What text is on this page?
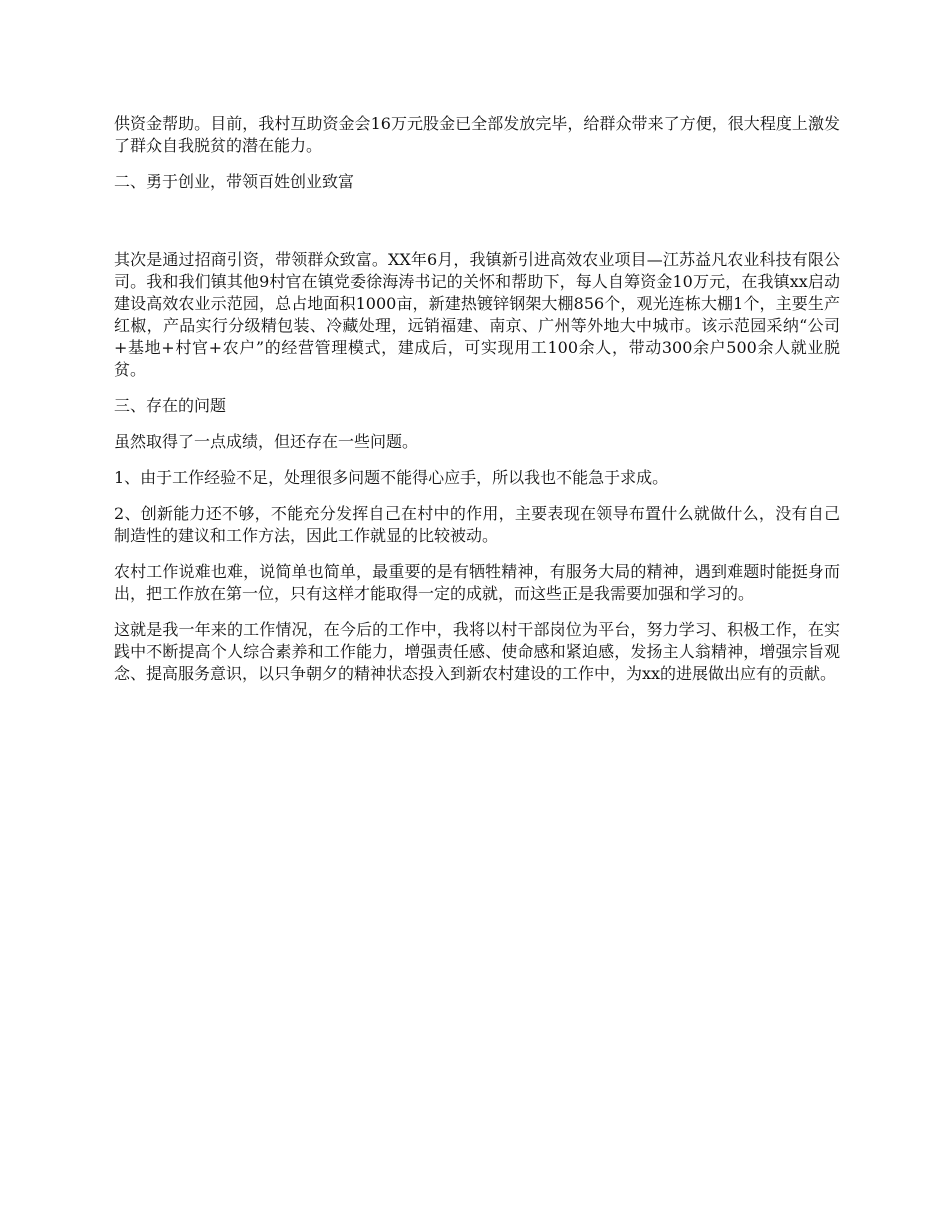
供资金帮助。目前，我村互助资金会16万元股金已全部发放完毕，给群众带来了方便，很大程度上激发了群众自我脱贫的潜在能力。

二、勇于创业，带领百姓创业致富

其次是通过招商引资，带领群众致富。XX年6月，我镇新引进高效农业项目—江苏益凡农业科技有限公司。我和我们镇其他9村官在镇党委徐海涛书记的关怀和帮助下，每人自筹资金10万元，在我镇xx启动建设高效农业示范园，总占地面积1000亩，新建热镀锌钢架大棚856个，观光连栋大棚1个，主要生产红椒，产品实行分级精包装、冷藏处理，远销福建、南京、广州等外地大中城市。该示范园采纳“公司+基地+村官+农户”的经营管理模式，建成后，可实现用工100余人，带动300余户500余人就业脱贫。

三、存在的问题

虽然取得了一点成绩，但还存在一些问题。

1、由于工作经验不足，处理很多问题不能得心应手，所以我也不能急于求成。

2、创新能力还不够，不能充分发挥自己在村中的作用，主要表现在领导布置什么就做什么，没有自己制造性的建议和工作方法，因此工作就显的比较被动。

农村工作说难也难，说简单也简单，最重要的是有牺牲精神，有服务大局的精神，遇到难题时能挺身而出，把工作放在第一位，只有这样才能取得一定的成就，而这些正是我需要加强和学习的。

这就是我一年来的工作情况，在今后的工作中，我将以村干部岗位为平台，努力学习、积极工作，在实践中不断提高个人综合素养和工作能力，增强责任感、使命感和紧迫感，发扬主人翁精神，增强宗旨观念、提高服务意识，以只争朝夕的精神状态投入到新农村建设的工作中，为xx的进展做出应有的贡献。
